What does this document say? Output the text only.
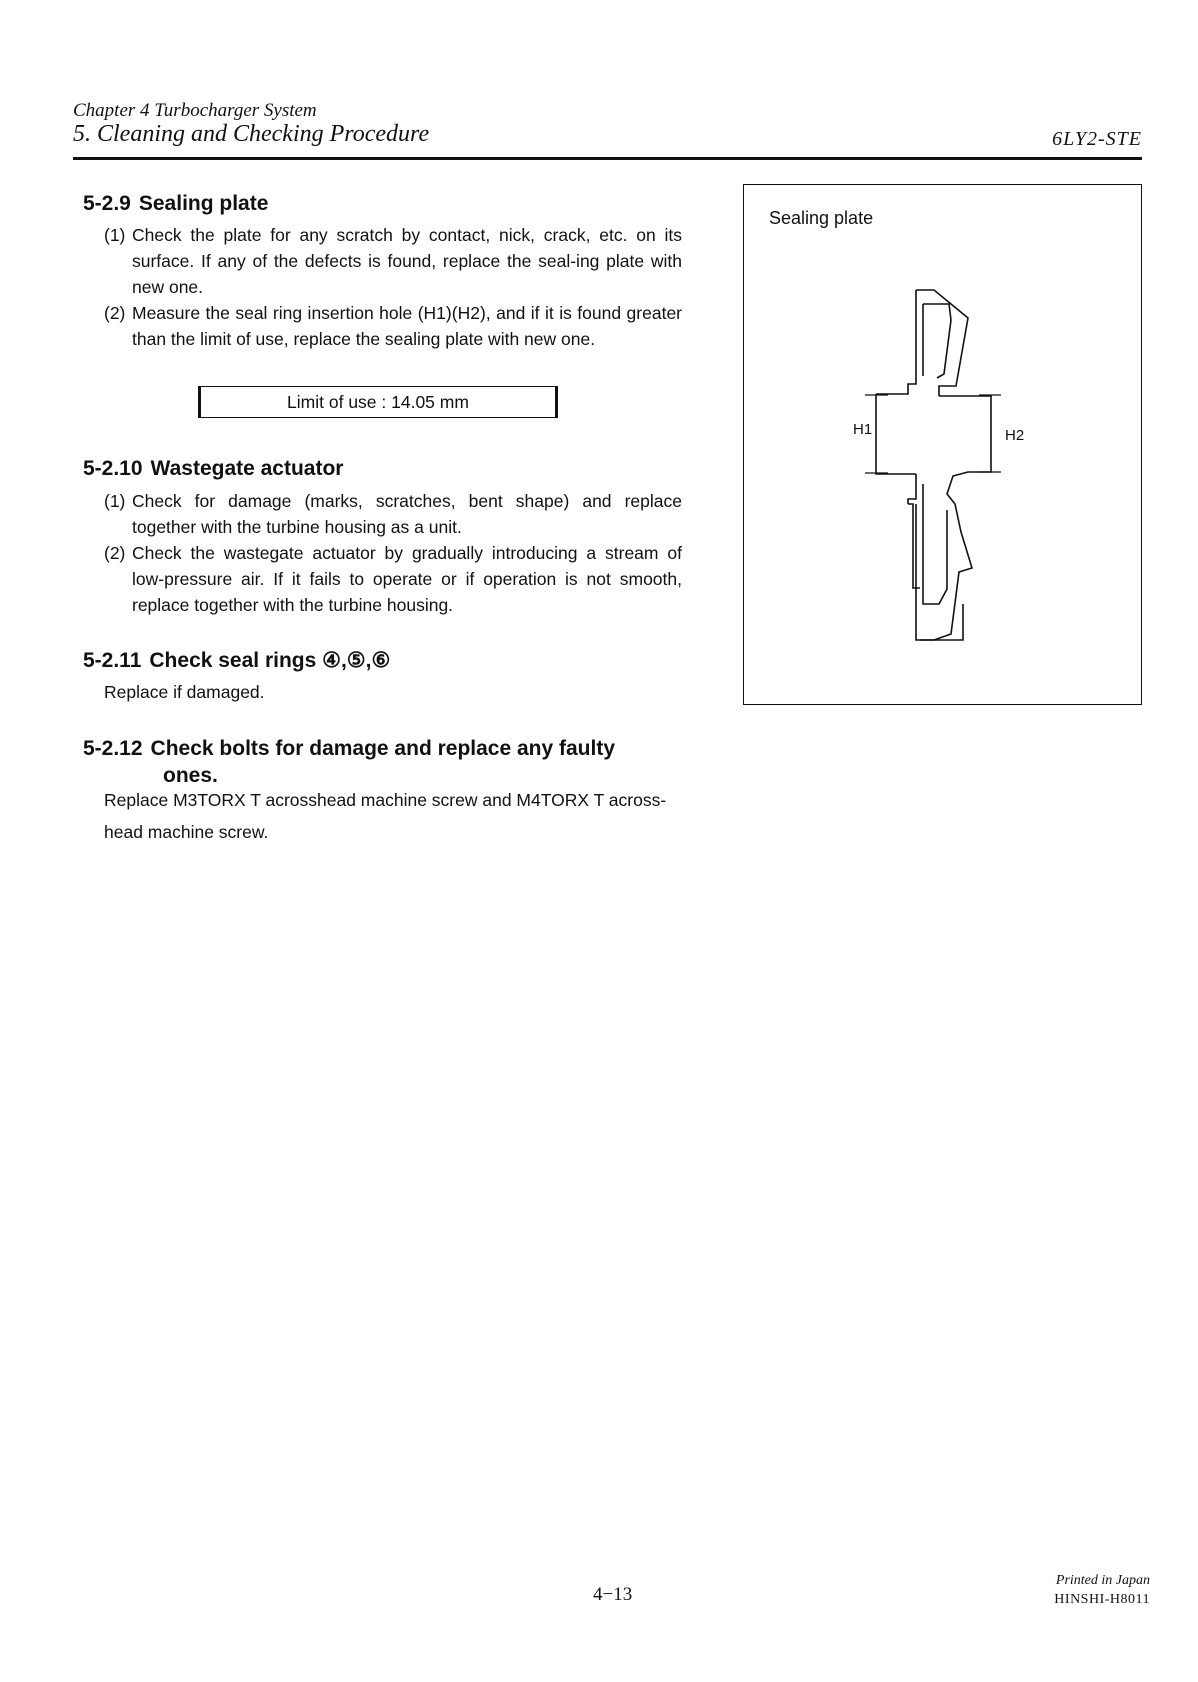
Chapter 4 Turbocharger System
5. Cleaning and Checking Procedure	6LY2-STE
5-2.9 Sealing plate
(1) Check the plate for any scratch by contact, nick, crack, etc. on its surface. If any of the defects is found, replace the seal-ing plate with new one.
(2) Measure the seal ring insertion hole (H1)(H2), and if it is found greater than the limit of use, replace the sealing plate with new one.
Limit of use : 14.05 mm
5-2.10 Wastegate actuator
(1) Check for damage (marks, scratches, bent shape) and replace together with the turbine housing as a unit.
(2) Check the wastegate actuator by gradually introducing a stream of low-pressure air. If it fails to operate or if operation is not smooth, replace together with the turbine housing.
5-2.11 Check seal rings ④,⑤,⑥
Replace if damaged.
5-2.12 Check bolts for damage and replace any faulty
ones.
Replace M3TORX T acrosshead machine screw and M4TORX T across-head machine screw.
Sealing plate
H1	H2
4−13
Printed in Japan
HINSHI-H8011
